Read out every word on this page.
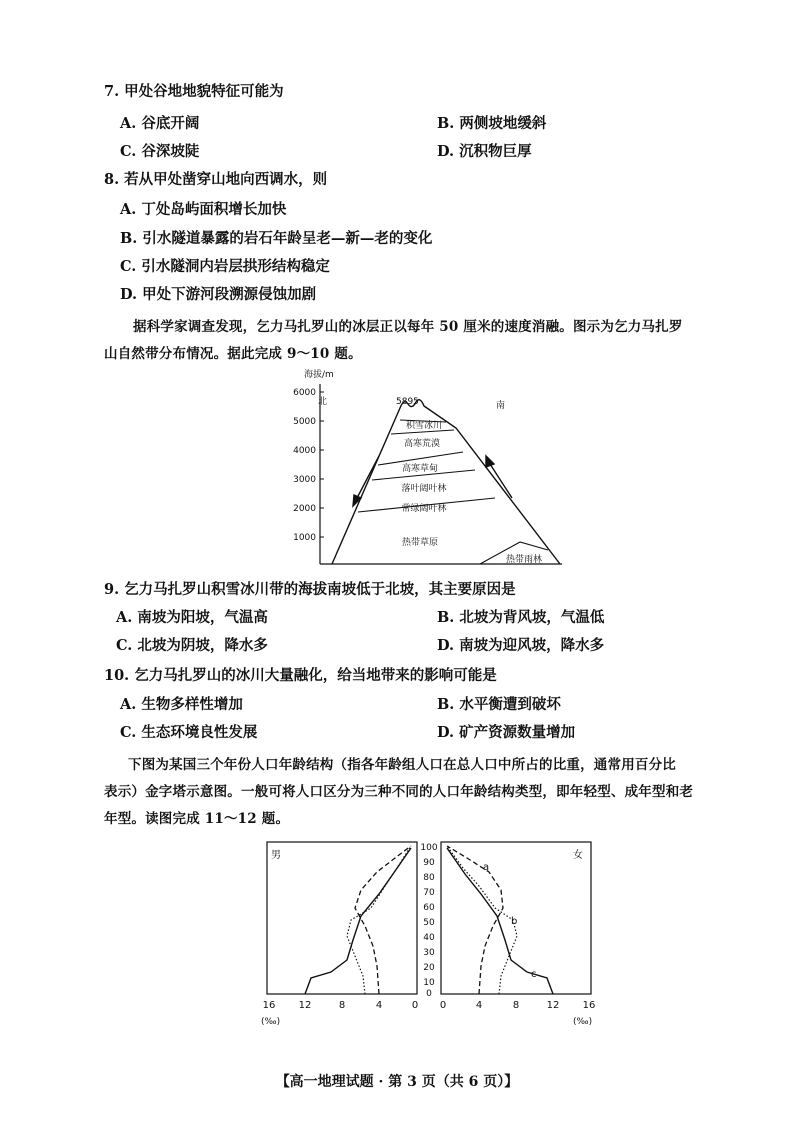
7. 甲处谷地地貌特征可能为
A. 谷底开阔	B. 两侧坡地缓斜
C. 谷深坡陡	D. 沉积物巨厚
8. 若从甲处凿穿山地向西调水，则
A. 丁处岛屿面积增长加快
B. 引水隧道暴露的岩石年龄呈老—新—老的变化
C. 引水隧洞内岩层拱形结构稳定
D. 甲处下游河段溯源侵蚀加剧
据科学家调查发现，乞力马扎罗山的冰层正以每年 50 厘米的速度消融。图示为乞力马扎罗
山自然带分布情况。据此完成 9～10 题。
海拔/m
6000
5000
4000
3000
2000
1000
北	南
5895
积雪冰川
高寒荒漠
高寒草甸
落叶阔叶林
常绿阔叶林
热带草原
热带雨林
9. 乞力马扎罗山积雪冰川带的海拔南坡低于北坡，其主要原因是
A. 南坡为阳坡，气温高	B. 北坡为背风坡，气温低
C. 北坡为阴坡，降水多	D. 南坡为迎风坡，降水多
10. 乞力马扎罗山的冰川大量融化，给当地带来的影响可能是
A. 生物多样性增加	B. 水平衡遭到破坏
C. 生态环境良性发展	D. 矿产资源数量增加
下图为某国三个年份人口年龄结构（指各年龄组人口在总人口中所占的比重，通常用百分比
表示）金字塔示意图。一般可将人口区分为三种不同的人口年龄结构类型，即年轻型、成年型和老
年型。读图完成 11～12 题。
男	女
100
90
80
70
60
50
40
30
20
10
0
16 12	8	4	0 0	4	8	12 16
(‰)	(‰)
a
b
c
【高一地理试题 · 第 3 页（共 6 页）】
